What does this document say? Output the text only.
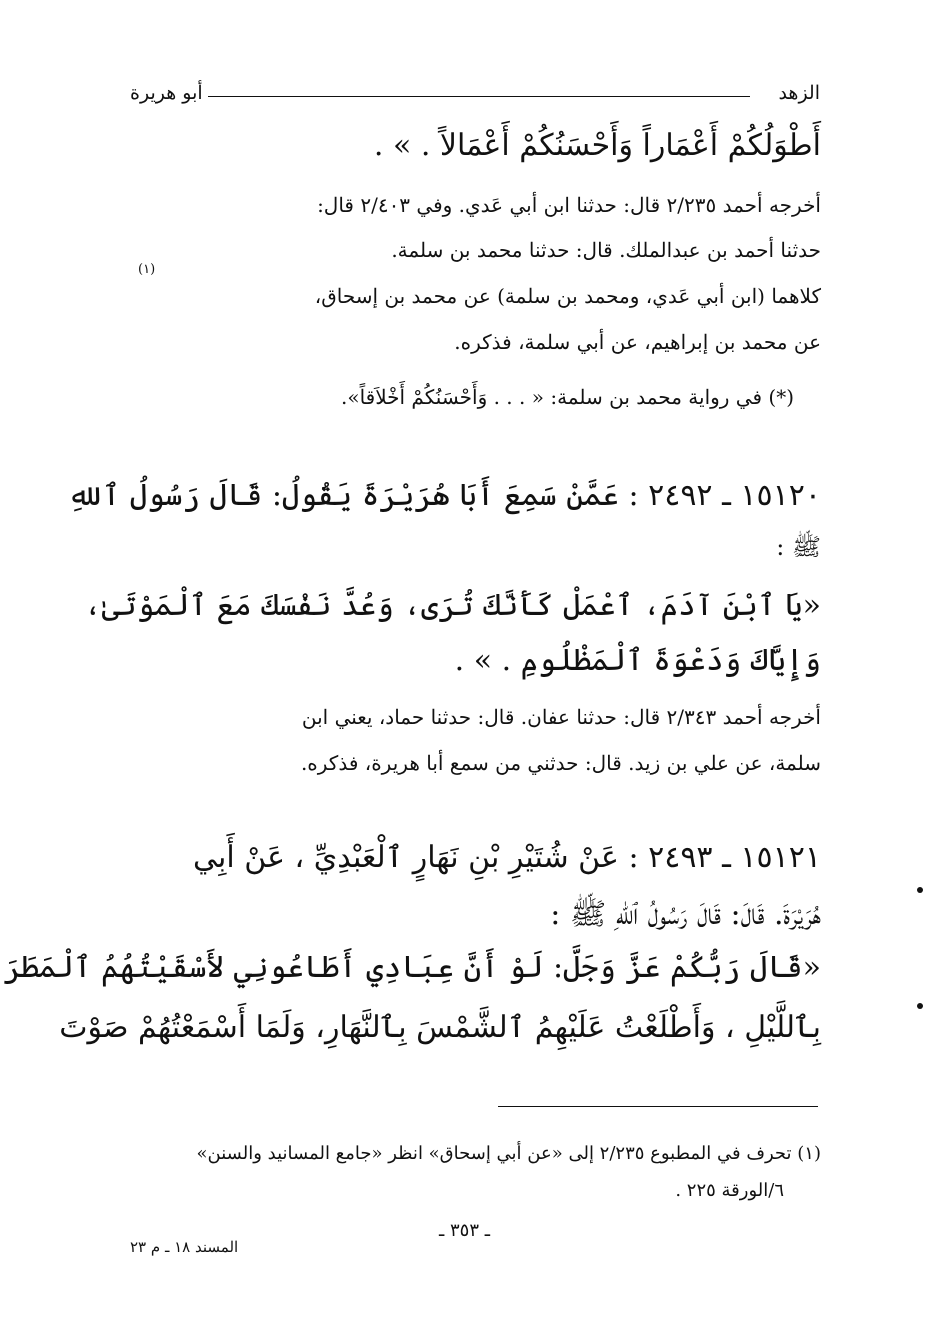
الزهد
أبو هريرة
أَطْوَلُكُمْ أَعْمَاراً وَأَحْسَنُكُمْ أَعْمَالاً . » .
أخرجه أحمد ٢/٢٣٥ قال: حدثنا ابن أبي عَدي. وفي ٢/٤٠٣ قال:
حدثنا أحمد بن عبدالملك. قال: حدثنا محمد بن سلمة.
(١)
كلاهما (ابن أبي عَدي، ومحمد بن سلمة) عن محمد بن إسحاق،
عن محمد بن إبراهيم، عن أبي سلمة، فذكره.
(*) في رواية محمد بن سلمة: « . . . وَأَحْسَنُكُمْ أَخْلاَقاً».
١٥١٢٠ ـ ٢٤٩٢ : عَمَّنْ سَمِعَ أَبَا هُرَيْرَةَ يَقُولُ: قَالَ رَسُولُ ٱللهِ
ﷺ :
«يَا ٱبْنَ آدَمَ، ٱعْمَلْ كَأَنَّكَ تُرَى، وَعُدَّ نَفْسَكَ مَعَ ٱلْمَوْتَىٰ،
وَإِيَّاكَ وَدَعْوَةَ ٱلْمَظْلُومِ . » .
أخرجه أحمد ٢/٣٤٣ قال: حدثنا عفان. قال: حدثنا حماد، يعني ابن
سلمة، عن علي بن زيد. قال: حدثني من سمع أبا هريرة، فذكره.
١٥١٢١ ـ ٢٤٩٣ : عَنْ شُتَيْرِ بْنِ نَهَارٍ ٱلْعَبْدِيِّ ، عَنْ أَبِي
هُرَيْرَةَ. قَالَ: قَالَ رَسُولُ ٱللهِ ﷺ :
«قَالَ رَبُّكُمْ عَزَّ وَجَلَّ: لَوْ أَنَّ عِبَادِي أَطَاعُونِي لأَسْقَيْتُهُمُ ٱلْمَطَرَ
بِٱللَّيْلِ ، وَأَطْلَعْتُ عَلَيْهِمُ ٱلشَّمْسَ بِٱلنَّهَارِ، وَلَمَا أَسْمَعْتُهُمْ صَوْتَ
(١) تحرف في المطبوع ٢/٢٣٥ إلى «عن أبي إسحاق» انظر «جامع المسانيد والسنن»
٦/الورقة ٢٢٥ .
ـ ٣٥٣ ـ
المسند ١٨ ـ م ٢٣
